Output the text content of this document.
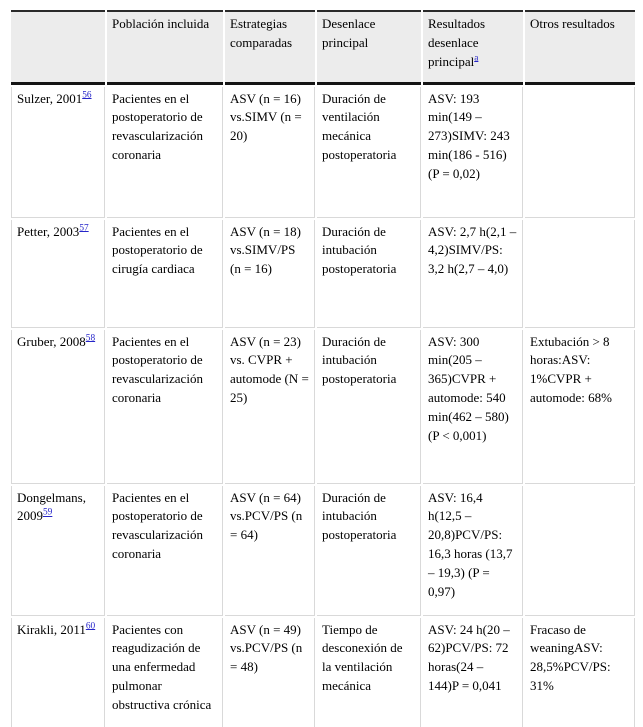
	Población incluida	Estrategias comparadas	Desenlace principal	Resultados desenlace principal$^a$	Otros resultados
Sulzer, 2001$^{56}$	Pacientes en el postoperatorio de revascularización coronaria	ASV (n = 16) vs.SIMV (n = 20)	Duración de ventilación mecánica postoperatoria	ASV: 193 min(149 – 273)SIMV: 243 min(186 - 516)(P = 0,02)	
Petter, 2003$^{57}$	Pacientes en el postoperatorio de cirugía cardiaca	ASV (n = 18) vs.SIMV/PS (n = 16)	Duración de intubación postoperatoria	ASV: 2,7 h(2,1 – 4,2)SIMV/PS: 3,2 h(2,7 – 4,0)	
Gruber, 2008$^{58}$	Pacientes en el postoperatorio de revascularización coronaria	ASV (n = 23) vs. CVPR + automode (N = 25)	Duración de intubación postoperatoria	ASV: 300 min(205 – 365)CVPR + automode: 540 min(462 – 580)(P < 0,001)	Extubación > 8 horas:ASV: 1%CVPR + automode: 68%
Dongelmans, 2009$^{59}$	Pacientes en el postoperatorio de revascularización coronaria	ASV (n = 64) vs.PCV/PS (n = 64)	Duración de intubación postoperatoria	ASV: 16,4 h(12,5 – 20,8)PCV/PS: 16,3 horas (13,7 – 19,3) (P = 0,97)	
Kirakli, 2011$^{60}$	Pacientes con reagudización de una enfermedad pulmonar obstructiva crónica	ASV (n = 49) vs.PCV/PS (n = 48)	Tiempo de desconexión de la ventilación mecánica	ASV: 24 h(20 – 62)PCV/PS: 72 horas(24 – 144)P = 0,041	Fracaso de weaningASV: 28,5%PCV/PS: 31%
